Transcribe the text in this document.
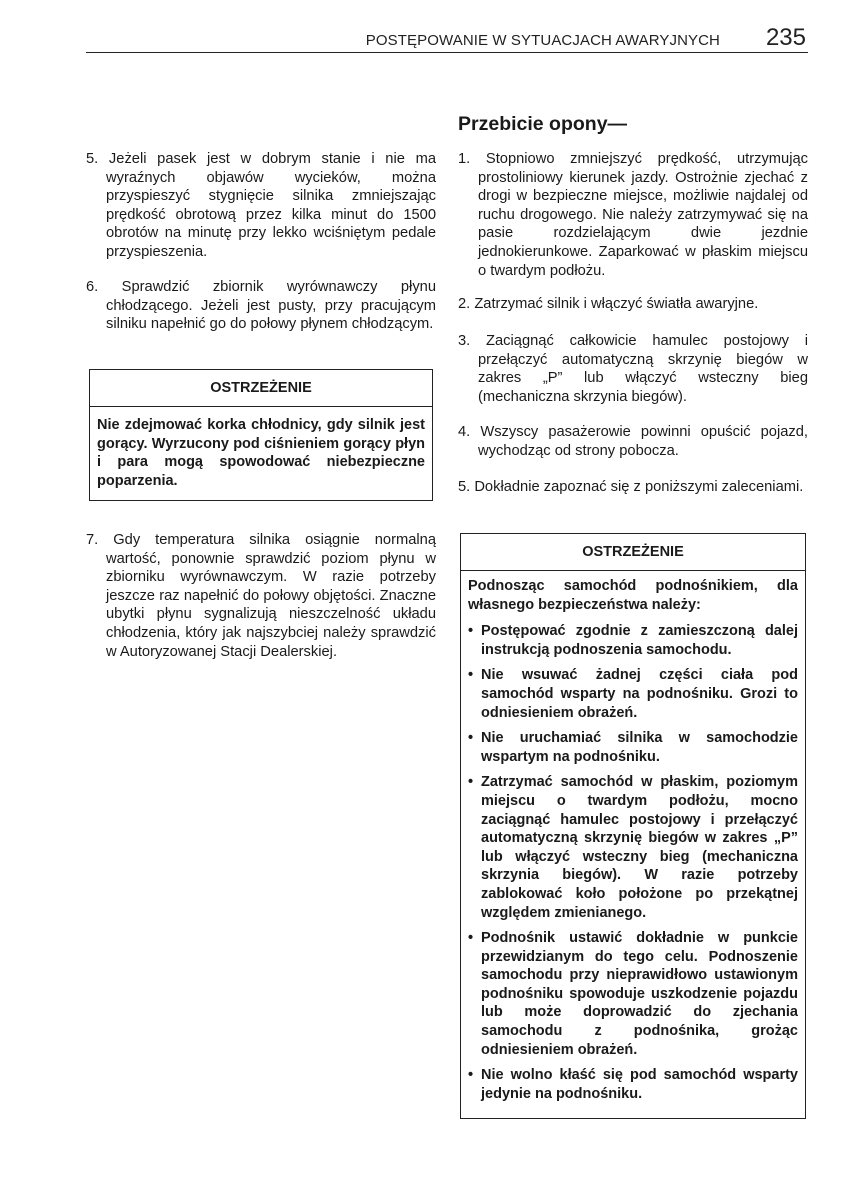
POSTĘPOWANIE W SYTUACJACH AWARYJNYCH 235
5. Jeżeli pasek jest w dobrym stanie i nie ma wyraźnych objawów wycieków, można przyspieszyć stygnięcie silnika zmniejszając prędkość obrotową przez kilka minut do 1500 obrotów na minutę przy lekko wciśniętym pedale przyspieszenia.
6. Sprawdzić zbiornik wyrównawczy płynu chłodzącego. Jeżeli jest pusty, przy pracującym silniku napełnić go do połowy płynem chłodzącym.
OSTRZEŻENIE
Nie zdejmować korka chłodnicy, gdy silnik jest gorący. Wyrzucony pod ciśnieniem gorący płyn i para mogą spowodować niebezpieczne poparzenia.
7. Gdy temperatura silnika osiągnie normalną wartość, ponownie sprawdzić poziom płynu w zbiorniku wyrównawczym. W razie potrzeby jeszcze raz napełnić do połowy objętości. Znaczne ubytki płynu sygnalizują nieszczelność układu chłodzenia, który jak najszybciej należy sprawdzić w Autoryzowanej Stacji Dealerskiej.
Przebicie opony—
1. Stopniowo zmniejszyć prędkość, utrzymując prostoliniowy kierunek jazdy. Ostrożnie zjechać z drogi w bezpieczne miejsce, możliwie najdalej od ruchu drogowego. Nie należy zatrzymywać się na pasie rozdzielającym dwie jezdnie jednokierunkowe. Zaparkować w płaskim miejscu o twardym podłożu.
2. Zatrzymać silnik i włączyć światła awaryjne.
3. Zaciągnąć całkowicie hamulec postojowy i przełączyć automatyczną skrzynię biegów w zakres „P” lub włączyć wsteczny bieg (mechaniczna skrzynia biegów).
4. Wszyscy pasażerowie powinni opuścić pojazd, wychodząc od strony pobocza.
5. Dokładnie zapoznać się z poniższymi zaleceniami.
OSTRZEŻENIE
Podnosząc samochód podnośnikiem, dla własnego bezpieczeństwa należy:
• Postępować zgodnie z zamieszczoną dalej instrukcją podnoszenia samochodu.
• Nie wsuwać żadnej części ciała pod samochód wsparty na podnośniku. Grozi to odniesieniem obrażeń.
• Nie uruchamiać silnika w samochodzie wspartym na podnośniku.
• Zatrzymać samochód w płaskim, poziomym miejscu o twardym podłożu, mocno zaciągnąć hamulec postojowy i przełączyć automatyczną skrzynię biegów w zakres „P” lub włączyć wsteczny bieg (mechaniczna skrzynia biegów). W razie potrzeby zablokować koło położone po przekątnej względem zmienianego.
• Podnośnik ustawić dokładnie w punkcie przewidzianym do tego celu. Podnoszenie samochodu przy nieprawidłowo ustawionym podnośniku spowoduje uszkodzenie pojazdu lub może doprowadzić do zjechania samochodu z podnośnika, grożąc odniesieniem obrażeń.
• Nie wolno kłaść się pod samochód wsparty jedynie na podnośniku.
